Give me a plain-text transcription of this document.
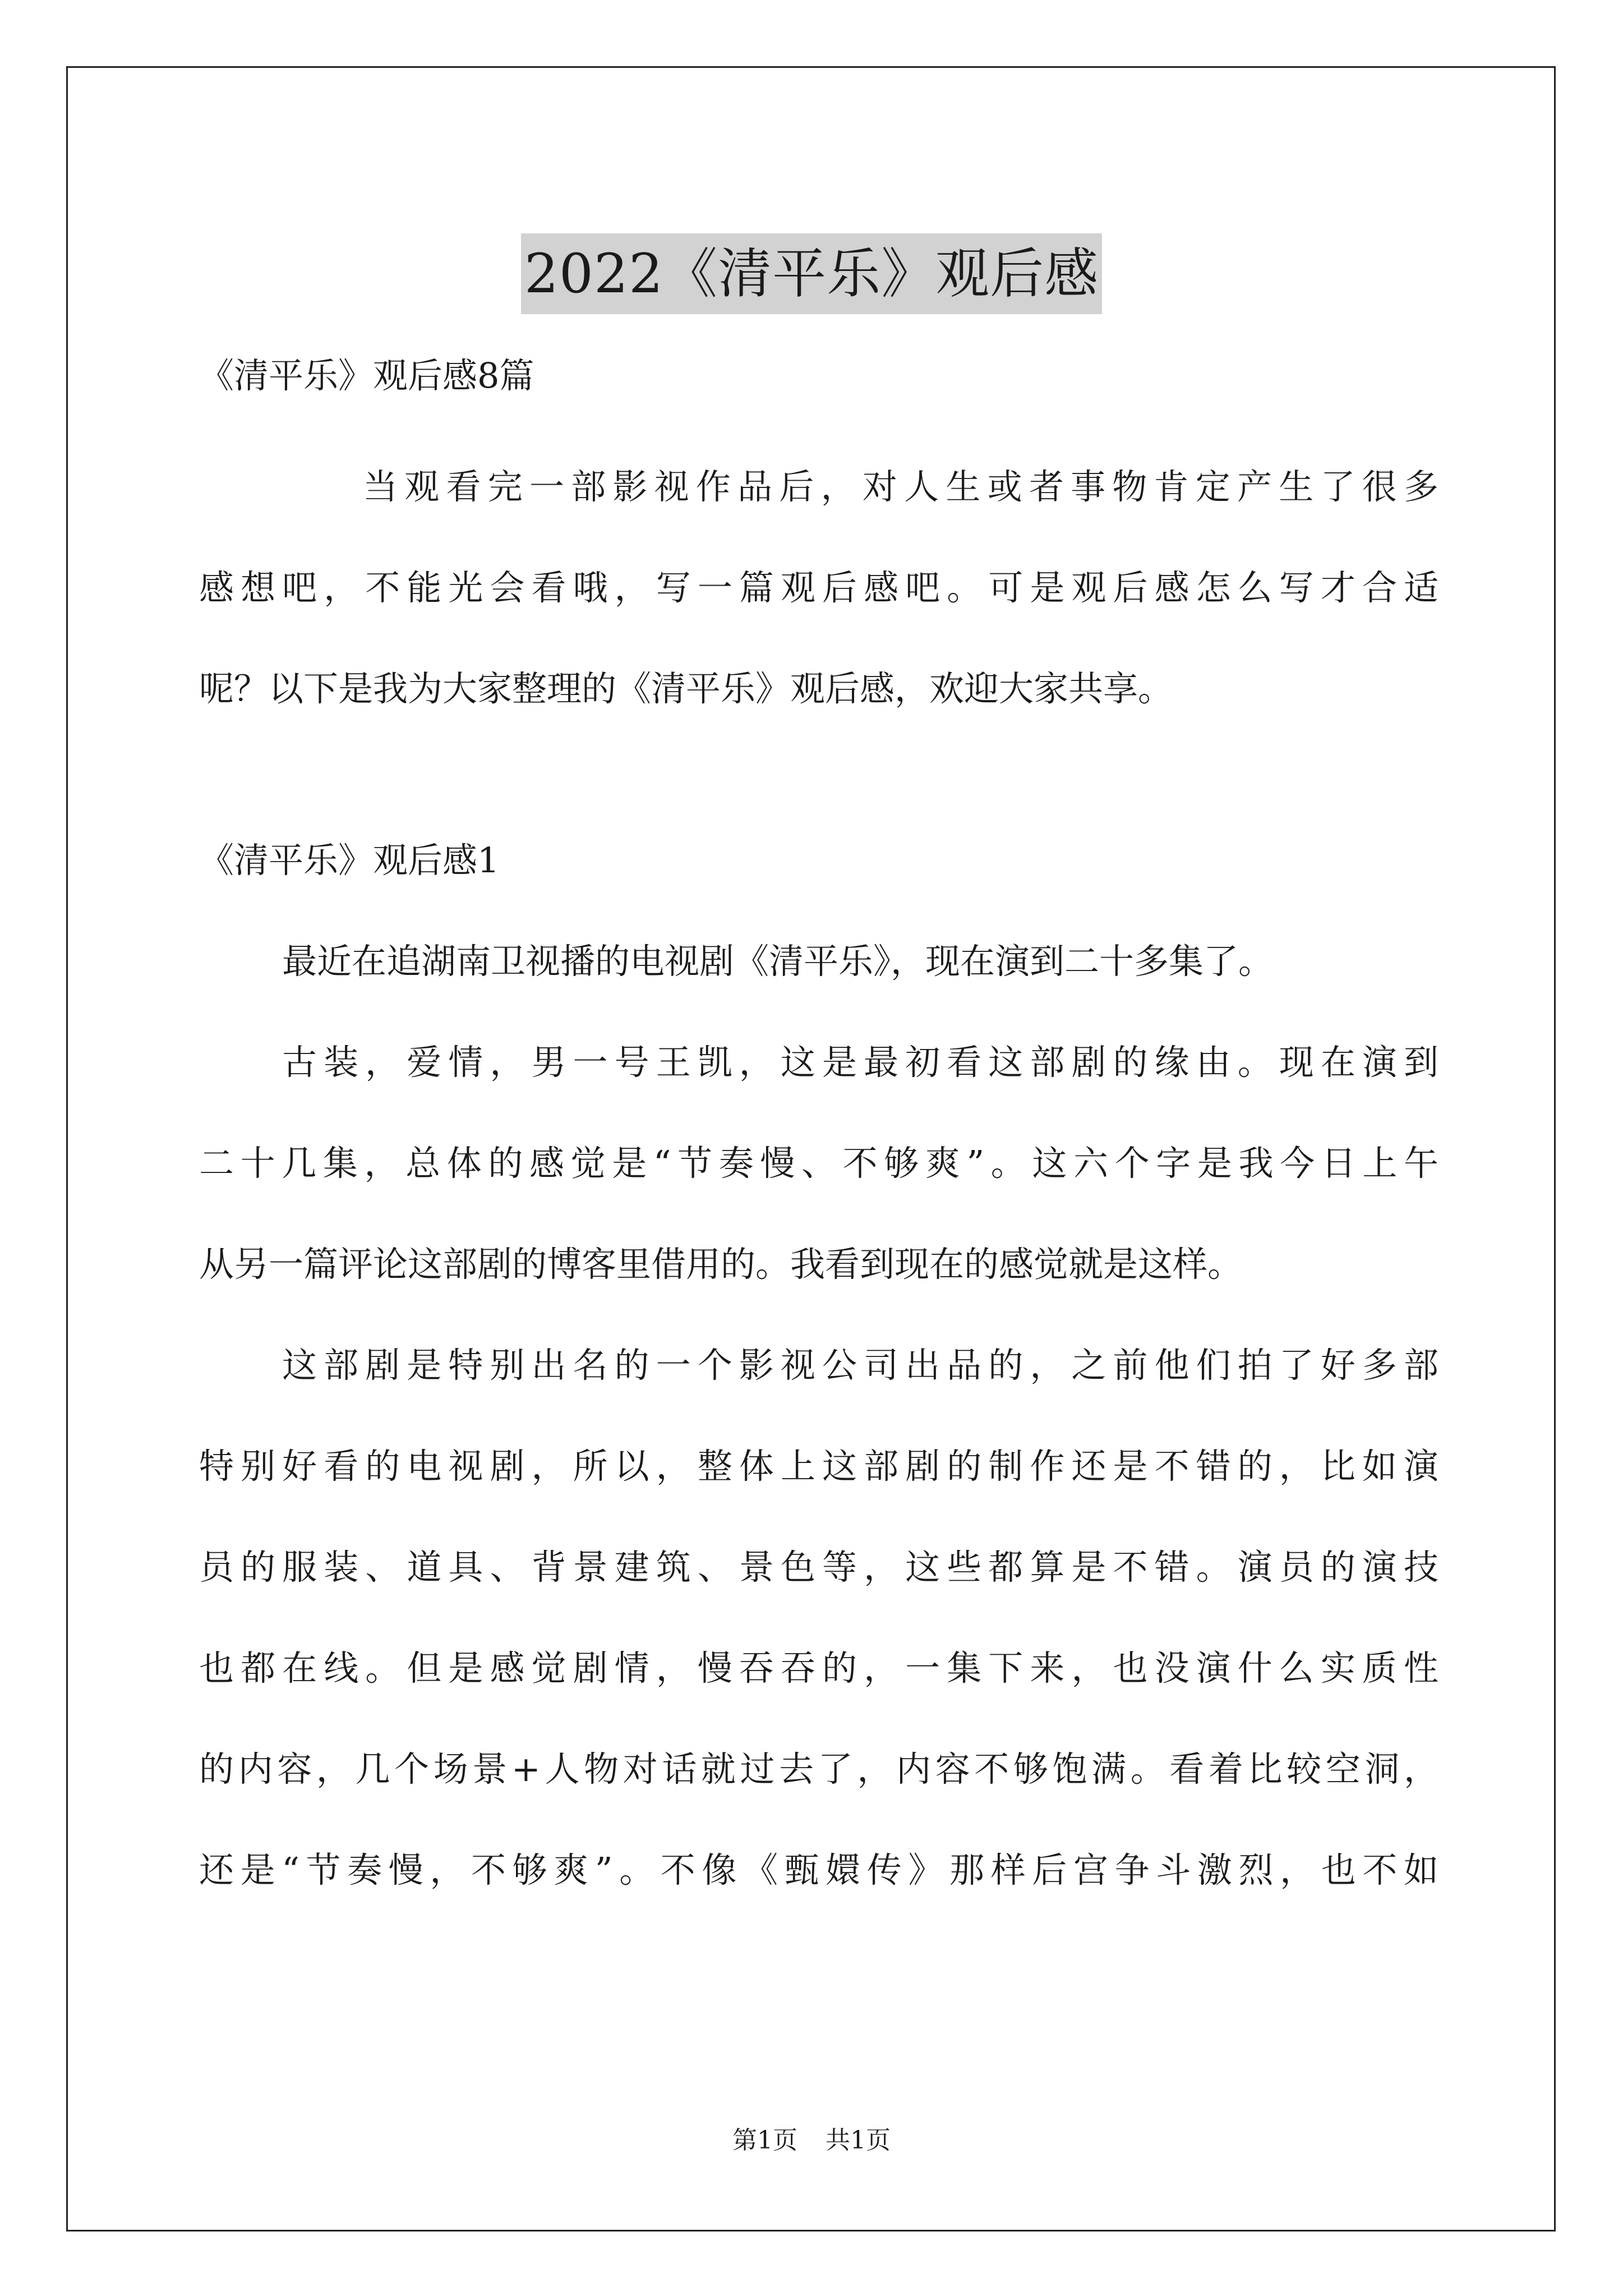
2022《清平乐》观后感
《清平乐》观后感8篇
当观看完一部影视作品后，对人生或者事物肯定产生了很多
感想吧，不能光会看哦，写一篇观后感吧。可是观后感怎么写才合适
呢？以下是我为大家整理的《清平乐》观后感，欢迎大家共享。
《清平乐》观后感1
最近在追湖南卫视播的电视剧《清平乐》，现在演到二十多集了。
古装，爱情，男一号王凯，这是最初看这部剧的缘由。现在演到
二十几集，总体的感觉是“节奏慢、不够爽”。这六个字是我今日上午
从另一篇评论这部剧的博客里借用的。我看到现在的感觉就是这样。
这部剧是特别出名的一个影视公司出品的，之前他们拍了好多部
特别好看的电视剧，所以，整体上这部剧的制作还是不错的，比如演
员的服装、道具、背景建筑、景色等，这些都算是不错。演员的演技
也都在线。但是感觉剧情，慢吞吞的，一集下来，也没演什么实质性
的内容，几个场景+人物对话就过去了，内容不够饱满。看着比较空洞，
还是“节奏慢，不够爽”。不像《甄嬛传》那样后宫争斗激烈，也不如
第1页 共1页
